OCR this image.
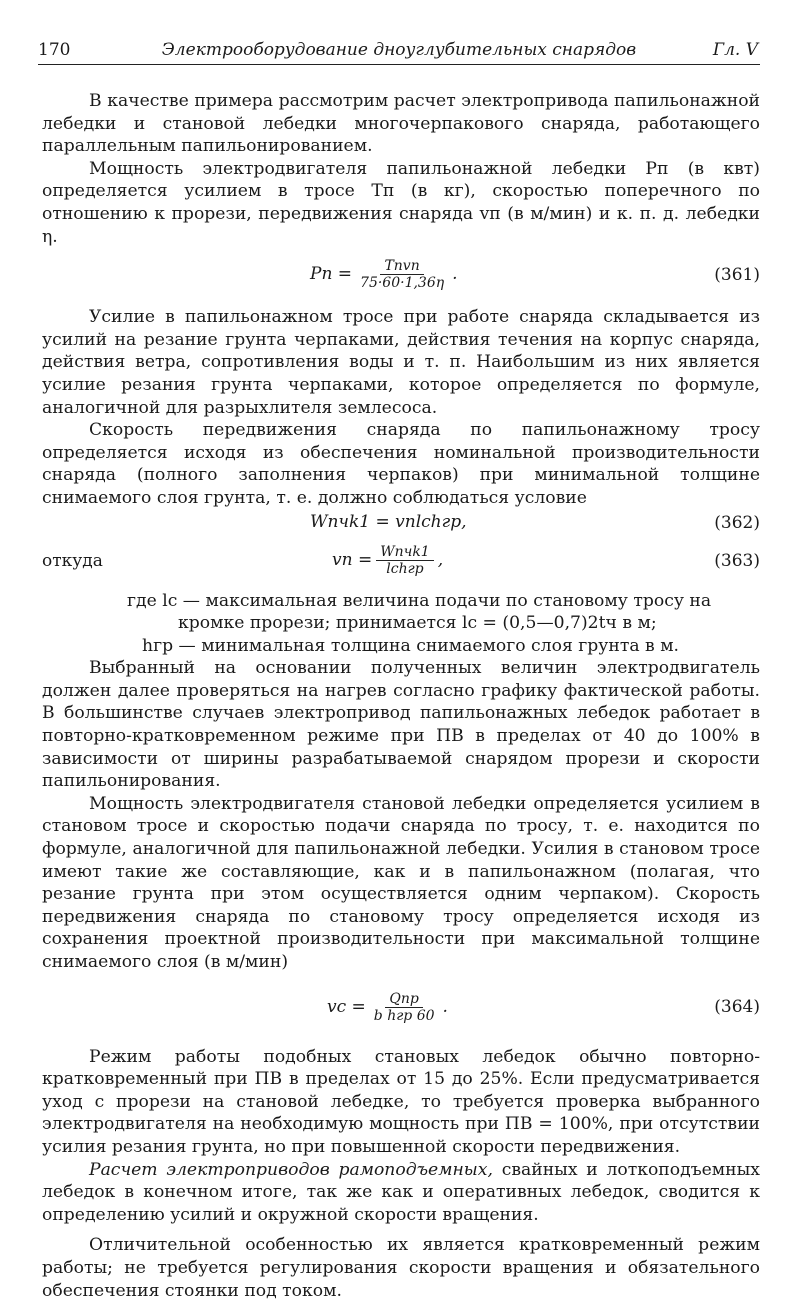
170	Электрооборудование дноуглубительных снарядов	Гл. V

В качестве примера рассмотрим расчет электропривода папильонажной лебедки и становой лебедки многочерпакового снаряда, работающего параллельным папильонированием.

Мощность электродвигателя папильонажной лебедки Pп (в квт) определяется усилием в тросе Tп (в кг), скоростью поперечного по отношению к прорези, передвижения снаряда vп (в м/мин) и к. п. д. лебедки η.

Pп = $\frac{\text{Tпvп}}{75\cdot 60\cdot 1,36\eta}$ .	(361)

Усилие в папильонажном тросе при работе снаряда складывается из усилий на резание грунта черпаками, действия течения на корпус снаряда, действия ветра, сопротивления воды и т. п. Наибольшим из них является усилие резания грунта черпаками, которое определяется по формуле, аналогичной для разрыхлителя землесоса.

Скорость передвижения снаряда по папильонажному тросу определяется исходя из обеспечения номинальной производительности снаряда (полного заполнения черпаков) при минимальной толщине снимаемого слоя грунта, т. е. должно соблюдаться условие

Wnчk1 = vпlchгр,	(362)
откуда	vп = $\frac{\text{Wnчk1}}{\text{lchгр}}$ ,	(363)
где lc — максимальная величина подачи по становому тросу на
кромке прорези; принимается lc = (0,5—0,7)2tч в м;
hгр — минимальная толщина снимаемого слоя грунта в м.

Выбранный на основании полученных величин электродвигатель должен далее проверяться на нагрев согласно графику фактической работы. В большинстве случаев электропривод папильонажных лебедок работает в повторно-кратковременном режиме при ПВ в пределах от 40 до 100% в зависимости от ширины разрабатываемой снарядом прорези и скорости папильонирования.

Мощность электродвигателя становой лебедки определяется усилием в становом тросе и скоростью подачи снаряда по тросу, т. е. находится по формуле, аналогичной для папильонажной лебедки. Усилия в становом тросе имеют такие же составляющие, как и в папильонажном (полагая, что резание грунта при этом осуществляется одним черпаком). Скорость передвижения снаряда по становому тросу определяется исходя из сохранения проектной производительности при максимальной толщине снимаемого слоя (в м/мин)

vc = $\frac{\text{Qпр}}{\text{b hгр 60}}$ .	(364)

Режим работы подобных становых лебедок обычно повторно-кратковременный при ПВ в пределах от 15 до 25%. Если предусматривается уход с прорези на становой лебедке, то требуется проверка выбранного электродвигателя на необходимую мощность при ПВ = 100%, при отсутствии усилия резания грунта, но при повышенной скорости передвижения.

Расчет электроприводов рамоподъемных, свайных и лоткоподъемных лебедок в конечном итоге, так же как и оперативных лебедок, сводится к определению усилий и окружной скорости вращения.

Отличительной особенностью их является кратковременный режим работы; не требуется регулирования скорости вращения и обязательного обеспечения стоянки под током.
